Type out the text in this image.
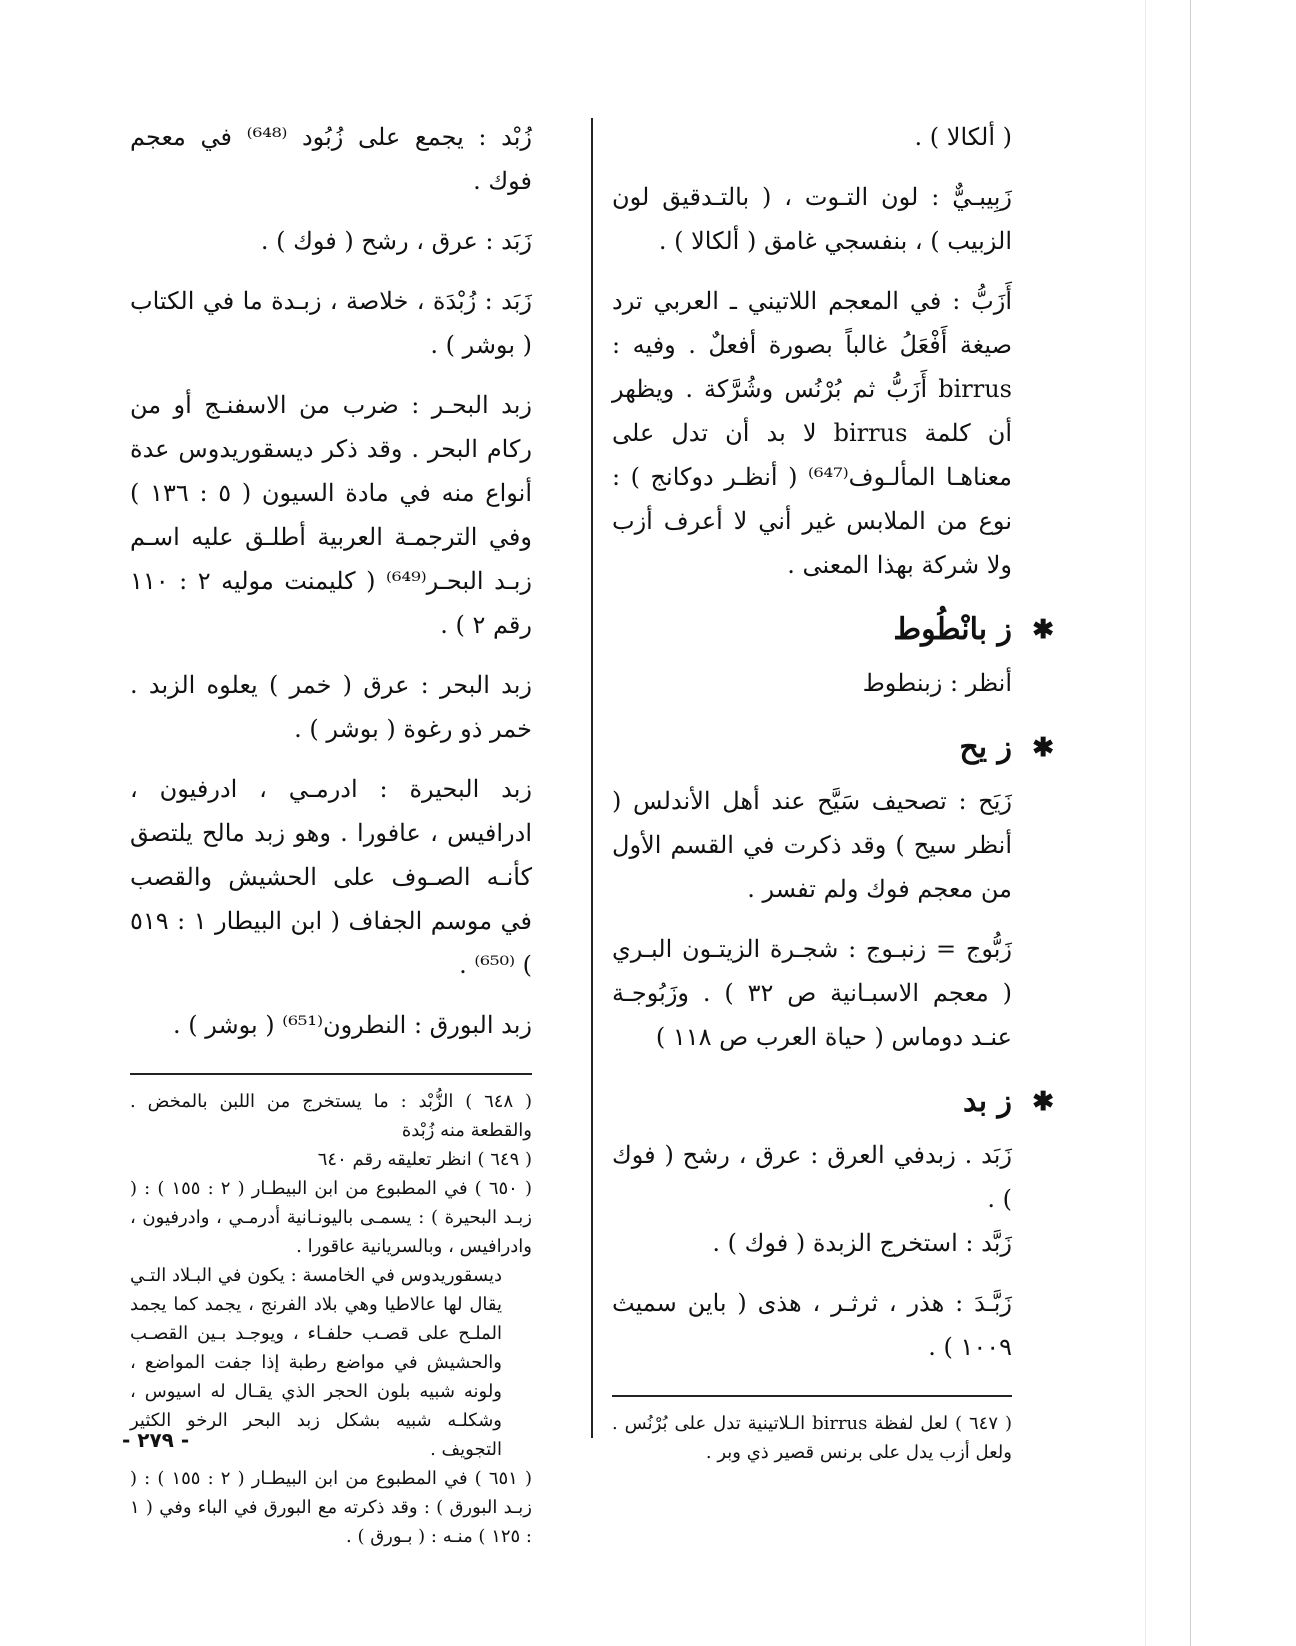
( ألكالا ) .

زَبِيبـيٌّ : لون التـوت ، ( بالتـدقيق لون الزبيب ) ، بنفسجي غامق ( ألكالا ) .

أَزَبُّ : في المعجم اللاتيني ـ العربي ترد صيغة أَفْعَلُ غالباً بصورة أفعلٌ . وفيه : birrus أَزَبُّ ثم بُرْنُس وشُرَّكة . ويظهر أن كلمة birrus لا بد أن تدل على معناهـا المألـوف⁽⁶⁴⁷⁾ ( أنظـر دوكانج ) : نوع من الملابس غير أني لا أعرف أزب ولا شركة بهذا المعنى .

✱
ز بانْطُوط

أنظر : زبنطوط

✱
ز يح

زَيَح : تصحيف سَيَّح عند أهل الأندلس ( أنظر سيح ) وقد ذكرت في القسم الأول من معجم فوك ولم تفسر .

زَبُّوج = زنبـوج : شجـرة الزيتـون البـري ( معجم الاسبـانية ص ٣٢ ) . وزَبُوجـة عنـد دوماس ( حياة العرب ص ١١٨ )

✱
ز بد

زَبَد . زبدفي العرق : عرق ، رشح ( فوك ) .

زَبَّد : استخرج الزبدة ( فوك ) .

زَبَّـدَ : هذر ، ثرثـر ، هذى ( باين سميث ١٠٠٩ ) .

( ٦٤٧ ) لعل لفظة birrus الـلاتينية تدل على بُرْنُس . ولعل أزب يدل على برنس قصير ذي وبر .

زُبْد : يجمع على زُبُود ⁽⁶⁴⁸⁾ في معجم فوك .

زَبَد : عرق ، رشح ( فوك ) .

زَبَد : زُبْدَة ، خلاصة ، زبـدة ما في الكتاب ( بوشر ) .

زبد البحـر : ضرب من الاسفنـج أو من ركام البحر . وقد ذكر ديسقوريدوس عدة أنواع منه في مادة السيون ( ٥ : ١٣٦ ) وفي الترجمـة العربية أطلـق عليه اسـم زبـد البحـر⁽⁶⁴⁹⁾ ( كليمنت موليه ٢ : ١١٠ رقم ٢ ) .

زبد البحر : عرق ( خمر ) يعلوه الزبد . خمر ذو رغوة ( بوشر ) .

زبد البحيرة : ادرمـي ، ادرفيون ، ادرافيس ، عافورا . وهو زبد مالح يلتصق كأنـه الصـوف على الحشيش والقصب في موسم الجفاف ( ابن البيطار ١ : ٥١٩ ) ⁽⁶⁵⁰⁾ .

زبد البورق : النطرون⁽⁶⁵¹⁾ ( بوشر ) .

( ٦٤٨ ) الزُّبْد : ما يستخرج من اللبن بالمخض . والقطعة منه زُبْدة

( ٦٤٩ ) انظر تعليقه رقم ٦٤٠

( ٦٥٠ ) في المطبوع من ابن البيطـار ( ٢ : ١٥٥ ) : ( زبـد البحيرة ) : يسمـى باليونـانية أدرمـي ، وادرفيون ، وادرافيس ، وبالسريانية عاقورا .

ديسقوريدوس في الخامسة : يكون في البـلاد التـي يقال لها عالاطيا وهي بلاد الفرنج ، يجمد كما يجمد الملـح على قصـب حلفـاء ، ويوجـد بـين القصـب والحشيش في مواضع رطبة إذا جفت المواضع ، ولونه شبيه بلون الحجر الذي يقـال له اسيوس ، وشكلـه شبيه بشكل زبد البحر الرخو الكثير التجويف .

( ٦٥١ ) في المطبوع من ابن البيطـار ( ٢ : ١٥٥ ) : ( زبـد البورق ) : وقد ذكرته مع البورق في الباء وفي ( ١ : ١٢٥ ) منـه : ( بـورق ) .

- ٢٧٩ -
